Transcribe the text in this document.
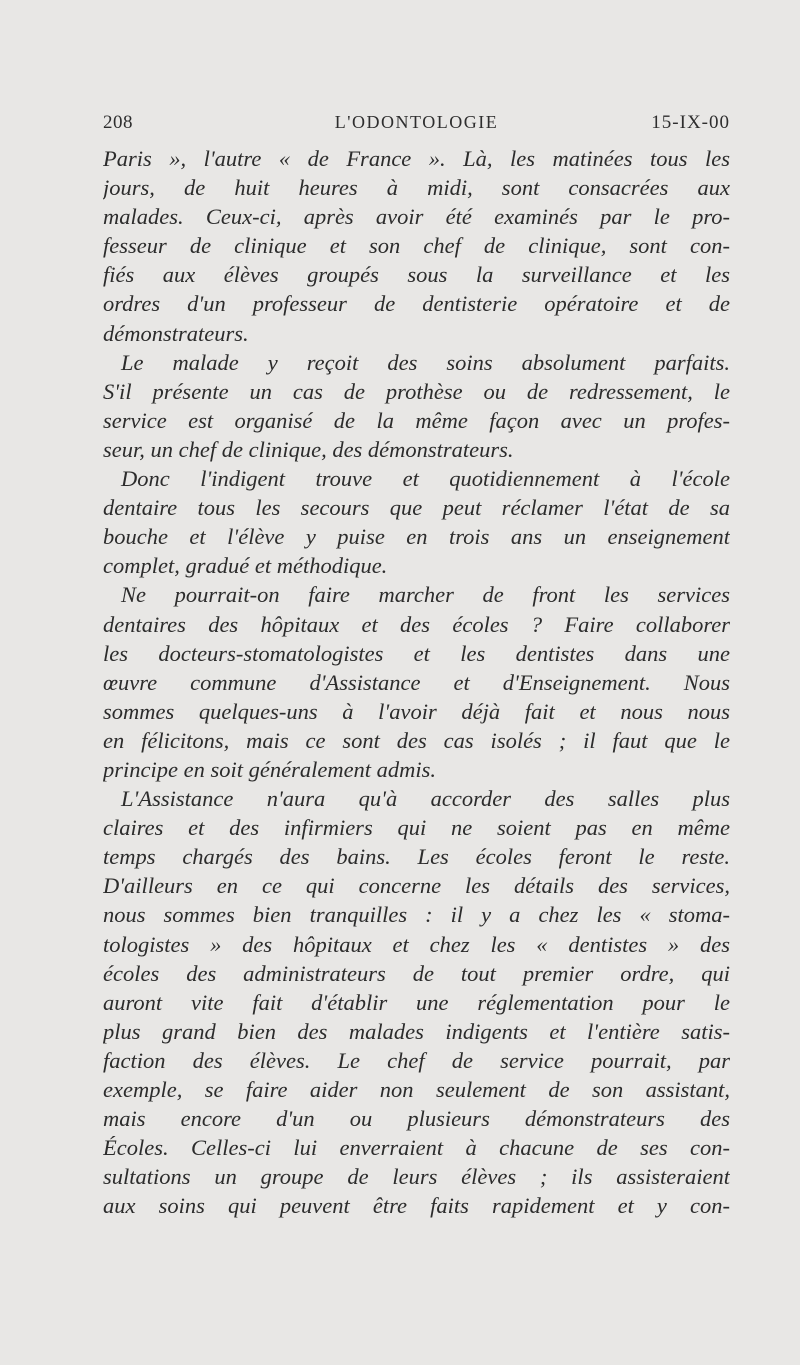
208	L'ODONTOLOGIE	15-IX-00
Paris », l'autre « de France ». Là, les matinées tous les
jours, de huit heures à midi, sont consacrées aux
malades. Ceux-ci, après avoir été examinés par le pro-
fesseur de clinique et son chef de clinique, sont con-
fiés aux élèves groupés sous la surveillance et les
ordres d'un professeur de dentisterie opératoire et de
démonstrateurs.
Le malade y reçoit des soins absolument parfaits.
S'il présente un cas de prothèse ou de redressement, le
service est organisé de la même façon avec un profes-
seur, un chef de clinique, des démonstrateurs.
Donc l'indigent trouve et quotidiennement à l'école
dentaire tous les secours que peut réclamer l'état de sa
bouche et l'élève y puise en trois ans un enseignement
complet, gradué et méthodique.
Ne pourrait-on faire marcher de front les services
dentaires des hôpitaux et des écoles ? Faire collaborer
les docteurs-stomatologistes et les dentistes dans une
œuvre commune d'Assistance et d'Enseignement. Nous
sommes quelques-uns à l'avoir déjà fait et nous nous
en félicitons, mais ce sont des cas isolés ; il faut que le
principe en soit généralement admis.
L'Assistance n'aura qu'à accorder des salles plus
claires et des infirmiers qui ne soient pas en même
temps chargés des bains. Les écoles feront le reste.
D'ailleurs en ce qui concerne les détails des services,
nous sommes bien tranquilles : il y a chez les « stoma-
tologistes » des hôpitaux et chez les « dentistes » des
écoles des administrateurs de tout premier ordre, qui
auront vite fait d'établir une réglementation pour le
plus grand bien des malades indigents et l'entière satis-
faction des élèves. Le chef de service pourrait, par
exemple, se faire aider non seulement de son assistant,
mais encore d'un ou plusieurs démonstrateurs des
Écoles. Celles-ci lui enverraient à chacune de ses con-
sultations un groupe de leurs élèves ; ils assisteraient
aux soins qui peuvent être faits rapidement et y con-
